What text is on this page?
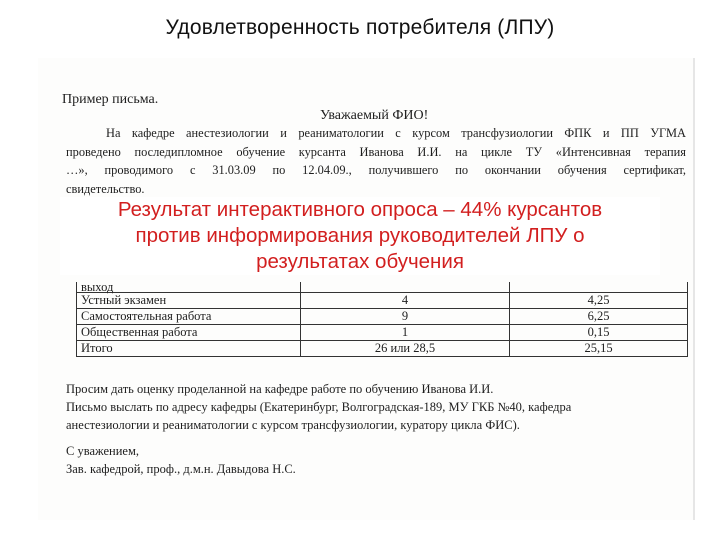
Удовлетворенность потребителя (ЛПУ)
Пример письма.
Уважаемый ФИО!
На кафедре анестезиологии и реаниматологии с курсом трансфузиологии ФПК и ПП УГМА
проведено последипломное обучение курсанта Иванова И.И. на цикле ТУ «Интенсивная терапия
…», проводимого с 31.03.09 по 12.04.09., получившего по окончании обучения сертификат,
свидетельство.
Результат интерактивного опроса – 44% курсантов
против информирования руководителей ЛПУ о
результатах обучения
выход		
Устный экзамен	4	4,25
Самостоятельная работа	9	6,25
Общественная работа	1	0,15
Итого	26 или 28,5	25,15
Просим дать оценку проделанной на кафедре работе по обучению Иванова И.И.
Письмо выслать по адресу кафедры (Екатеринбург, Волгоградская-189, МУ ГКБ №40, кафедра
анестезиологии и реаниматологии с курсом трансфузиологии, куратору цикла ФИС).
С уважением,
Зав. кафедрой, проф., д.м.н. Давыдова Н.С.
